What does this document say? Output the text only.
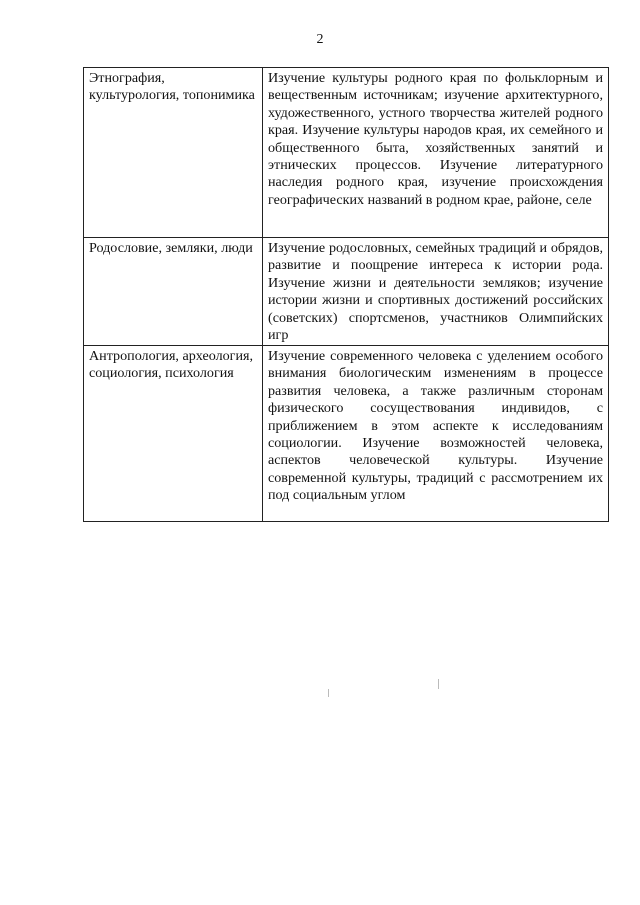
2
Этнография, культурология, топонимика	Изучение культуры родного края по фольклорным и вещественным источникам; изучение архитектурного, художественного, устного творчества жителей родного края. Изучение культуры народов края, их семейного и общественного быта, хозяйственных занятий и этнических процессов. Изучение литературного наследия родного края, изучение происхождения географических названий в родном крае, районе, селе
Родословие, земляки, люди	Изучение родословных, семейных традиций и обрядов, развитие и поощрение интереса к истории рода. Изучение жизни и деятельности земляков; изучение истории жизни и спортивных достижений российских (советских) спортсменов, участников Олимпийских игр
Антропология, археология, социология, психология	Изучение современного человека с уделением особого внимания биологическим изменениям в процессе развития человека, а также различным сторонам физического сосуществования индивидов, с приближением в этом аспекте к исследованиям социологии. Изучение возможностей человека, аспектов человеческой культуры. Изучение современной культуры, традиций с рассмотрением их под социальным углом
